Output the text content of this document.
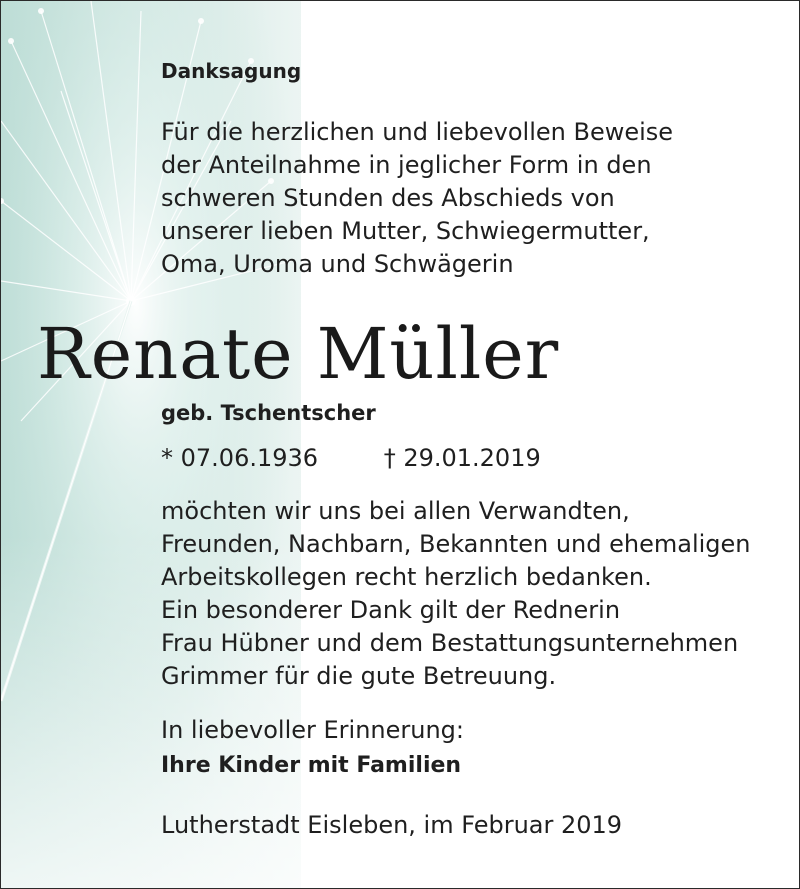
Danksagung
Für die herzlichen und liebevollen Beweise
der Anteilnahme in jeglicher Form in den
schweren Stunden des Abschieds von
unserer lieben Mutter, Schwiegermutter,
Oma, Uroma und Schwägerin
Renate Müller
geb. Tschentscher
* 07.06.1936	† 29.01.2019
möchten wir uns bei allen Verwandten,
Freunden, Nachbarn, Bekannten und ehemaligen
Arbeitskollegen recht herzlich bedanken.
Ein besonderer Dank gilt der Rednerin
Frau Hübner und dem Bestattungsunternehmen
Grimmer für die gute Betreuung.
In liebevoller Erinnerung:
Ihre Kinder mit Familien
Lutherstadt Eisleben, im Februar 2019
